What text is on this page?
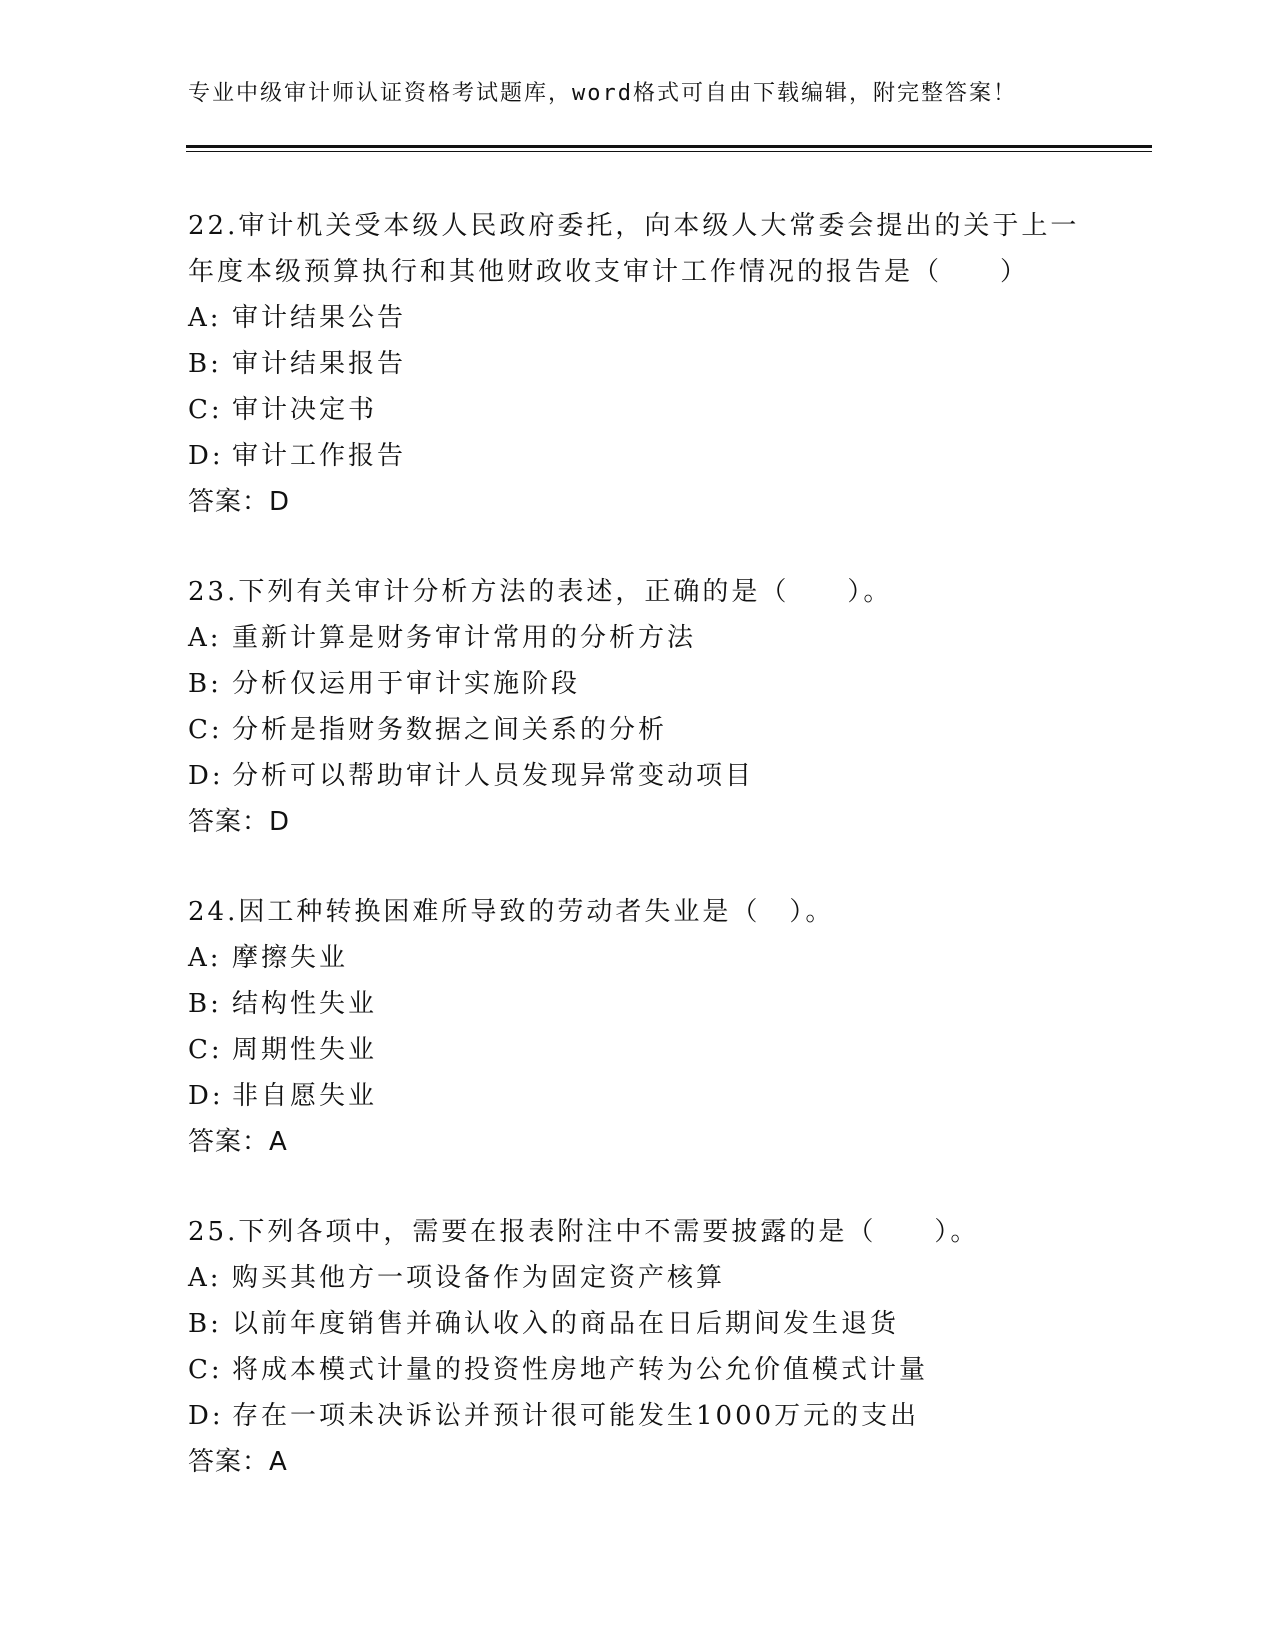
专业中级审计师认证资格考试题库，word格式可自由下载编辑，附完整答案！

22.审计机关受本级人民政府委托，向本级人大常委会提出的关于上一年度本级预算执行和其他财政收支审计工作情况的报告是（　　）

A: 审计结果公告

B: 审计结果报告

C: 审计决定书

D: 审计工作报告

答案：D

23.下列有关审计分析方法的表述，正确的是（　　）。

A: 重新计算是财务审计常用的分析方法

B: 分析仅运用于审计实施阶段

C: 分析是指财务数据之间关系的分析

D: 分析可以帮助审计人员发现异常变动项目

答案：D

24.因工种转换困难所导致的劳动者失业是（　）。

A: 摩擦失业

B: 结构性失业

C: 周期性失业

D: 非自愿失业

答案：A

25.下列各项中，需要在报表附注中不需要披露的是（　　）。

A: 购买其他方一项设备作为固定资产核算

B: 以前年度销售并确认收入的商品在日后期间发生退货

C: 将成本模式计量的投资性房地产转为公允价值模式计量

D: 存在一项未决诉讼并预计很可能发生1000万元的支出

答案：A
